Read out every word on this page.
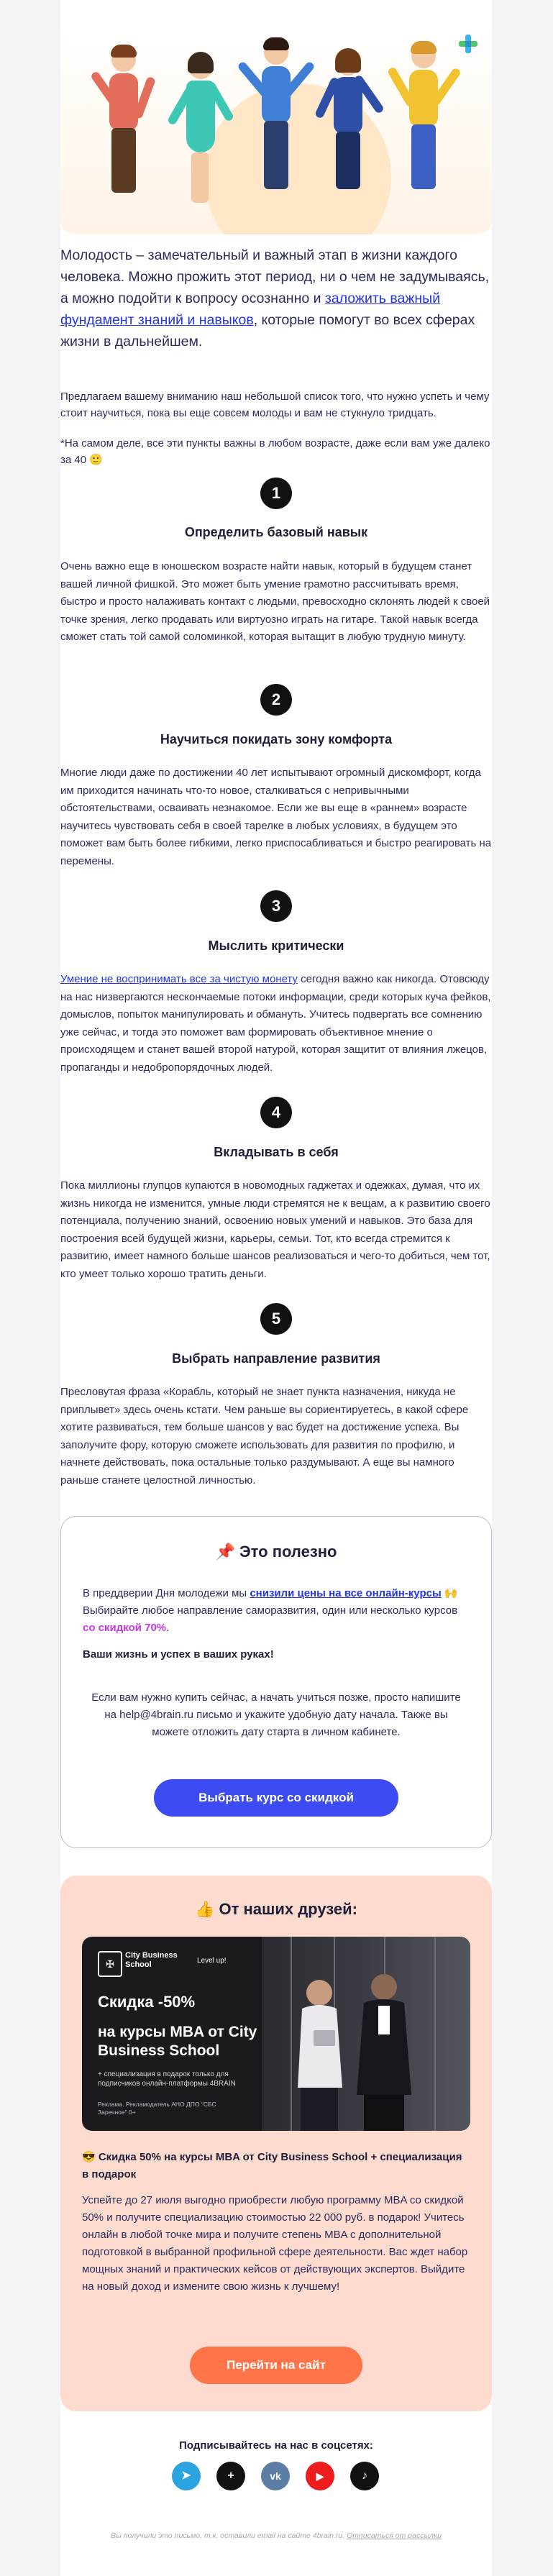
Молодость – замечательный и важный этап в жизни каждого человека. Можно прожить этот период, ни о чем не задумываясь, а можно подойти к вопросу осознанно и заложить важный фундамент знаний и навыков, которые помогут во всех сферах жизни в дальнейшем.
Предлагаем вашему вниманию наш небольшой список того, что нужно успеть и чему стоит научиться, пока вы еще совсем молоды и вам не стукнуло тридцать.
*На самом деле, все эти пункты важны в любом возрасте, даже если вам уже далеко за 40 🙂
1
Определить базовый навык
Очень важно еще в юношеском возрасте найти навык, который в будущем станет вашей личной фишкой. Это может быть умение грамотно рассчитывать время, быстро и просто налаживать контакт с людьми, превосходно склонять людей к своей точке зрения, легко продавать или виртуозно играть на гитаре. Такой навык всегда сможет стать той самой соломинкой, которая вытащит в любую трудную минуту.
2
Научиться покидать зону комфорта
Многие люди даже по достижении 40 лет испытывают огромный дискомфорт, когда им приходится начинать что-то новое, сталкиваться с непривычными обстоятельствами, осваивать незнакомое. Если же вы еще в «раннем» возрасте научитесь чувствовать себя в своей тарелке в любых условиях, в будущем это поможет вам быть более гибкими, легко приспосабливаться и быстро реагировать на перемены.
3
Мыслить критически
Умение не воспринимать все за чистую монету сегодня важно как никогда. Отовсюду на нас низвергаются нескончаемые потоки информации, среди которых куча фейков, домыслов, попыток манипулировать и обмануть. Учитесь подвергать все сомнению уже сейчас, и тогда это поможет вам формировать объективное мнение о происходящем и станет вашей второй натурой, которая защитит от влияния лжецов, пропаганды и недобропорядочных людей.
4
Вкладывать в себя
Пока миллионы глупцов купаются в новомодных гаджетах и одежках, думая, что их жизнь никогда не изменится, умные люди стремятся не к вещам, а к развитию своего потенциала, получению знаний, освоению новых умений и навыков. Это база для построения всей будущей жизни, карьеры, семьи. Тот, кто всегда стремится к развитию, имеет намного больше шансов реализоваться и чего-то добиться, чем тот, кто умеет только хорошо тратить деньги.
5
Выбрать направление развития
Пресловутая фраза «Корабль, который не знает пункта назначения, никуда не приплывет» здесь очень кстати. Чем раньше вы сориентируетесь, в какой сфере хотите развиваться, тем больше шансов у вас будет на достижение успеха. Вы заполучите фору, которую сможете использовать для развития по профилю, и начнете действовать, пока остальные только раздумывают. А еще вы намного раньше станете целостной личностью.
📌 Это полезно
В преддверии Дня молодежи мы снизили цены на все онлайн-курсы 🙌 Выбирайте любое направление саморазвития, один или несколько курсов со скидкой 70%.
Ваши жизнь и успех в ваших руках!
Если вам нужно купить сейчас, а начать учиться позже, просто напишите на help@4brain.ru письмо и укажите удобную дату начала. Также вы можете отложить дату старта в личном кабинете.
Выбрать курс со скидкой
👍 От наших друзей:
✠
City Business School	Level up!
Скидка -50%
на курсы MBA от City Business School
+ специализация в подарок только для подписчиков онлайн-платформы 4BRAIN
Реклама. Рекламодатель АНО ДПО "СБС Заречное" 0+
😎 Скидка 50% на курсы MBA от City Business School + специализация в подарок
Успейте до 27 июля выгодно приобрести любую программу MBA со скидкой 50% и получите специализацию стоимостью 22 000 руб. в подарок! Учитесь онлайн в любой точке мира и получите степень MBA с дополнительной подготовкой в выбранной профильной сфере деятельности. Вас ждет набор мощных знаний и практических кейсов от действующих экспертов. Выйдите на новый доход и измените свою жизнь к лучшему!
Перейти на сайт
Подписывайтесь на нас в соцсетях:
➤	+	vk	▶	♪
Вы получили это письмо, т.к. оставили email на сайте 4brain.ru. Отписаться от рассылки
